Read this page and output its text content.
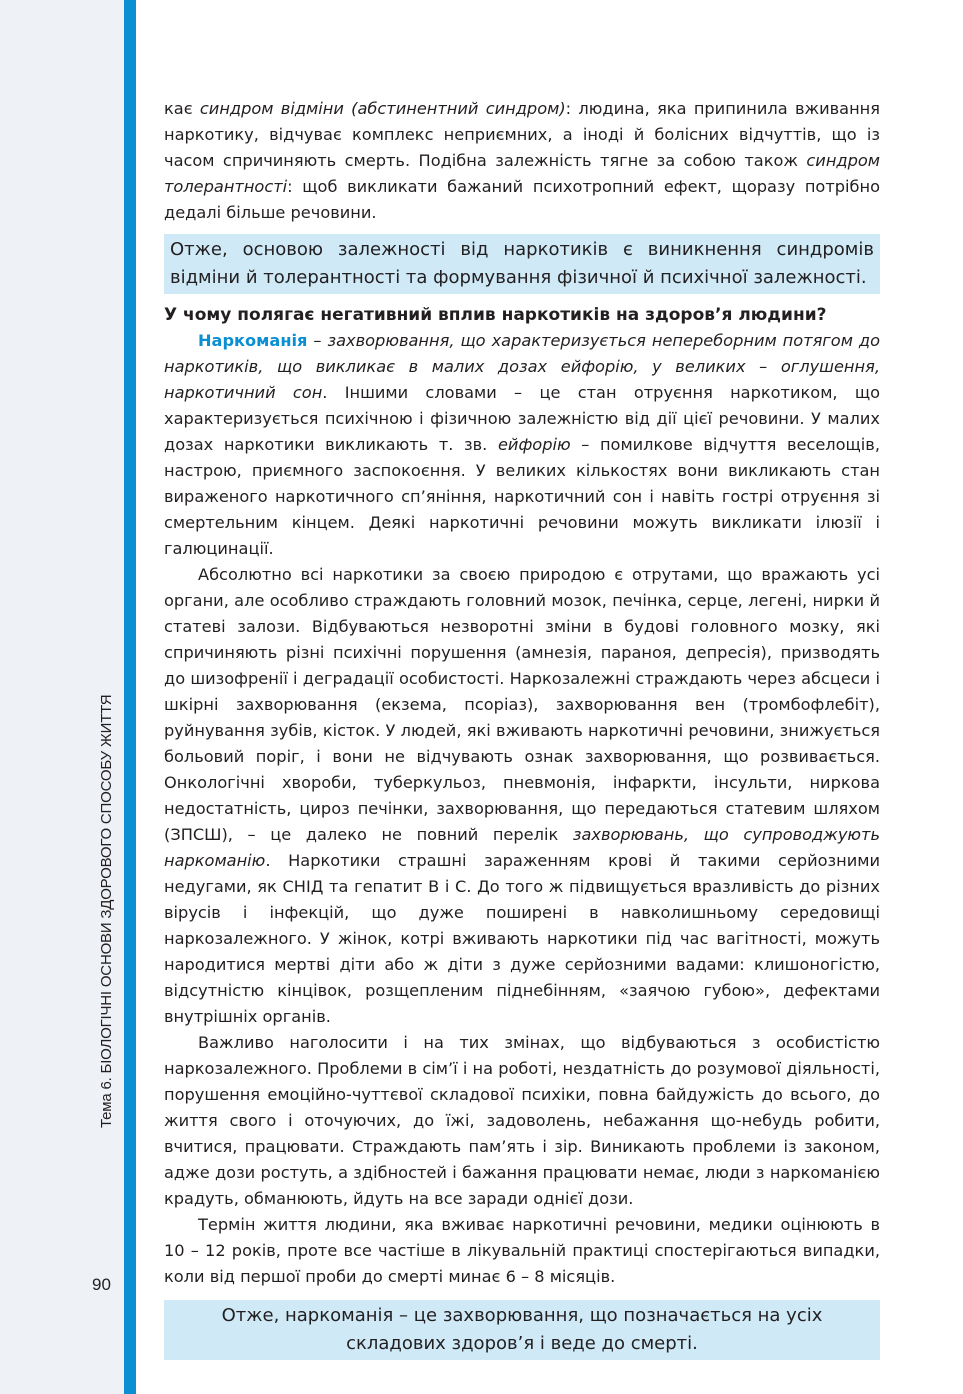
Тема 6. БІОЛОГІЧНІ ОСНОВИ ЗДОРОВОГО СПОСОБУ ЖИТТЯ
90

кає синдром відміни (абстинентний синдром): людина, яка припинила вживання наркотику, відчуває комплекс неприємних, а іноді й болісних відчуттів, що із часом спричиняють смерть. Подібна залежність тягне за собою також синдром толерантності: щоб викликати бажаний психотропний ефект, щоразу потрібно дедалі більше речовини.

Отже, основою залежності від наркотиків є виникнення синдромів відміни й толерантності та формування фізичної й психічної залежності.
У чому полягає негативний вплив наркотиків на здоров’я людини?

Наркоманія – захворювання, що характеризується непереборним потягом до наркотиків, що викликає в малих дозах ейфорію, у великих – оглушення, наркотичний сон. Іншими словами – це стан отруєння наркотиком, що характеризується психічною і фізичною залежністю від дії цієї речовини. У малих дозах наркотики викликають т. зв. ейфорію – помилкове відчуття веселощів, настрою, приємного заспокоєння. У великих кількостях вони викликають стан вираженого наркотичного сп’яніння, наркотичний сон і навіть гострі отруєння зі смертельним кінцем. Деякі наркотичні речовини можуть викликати ілюзії і галюцинації.

Абсолютно всі наркотики за своєю природою є отрутами, що вражають усі органи, але особливо страждають головний мозок, печінка, серце, легені, нирки й статеві залози. Відбуваються незворотні зміни в будові головного мозку, які спричиняють різні психічні порушення (амнезія, параноя, депресія), призводять до шизофренії і деградації особистості. Наркозалежні страждають через абсцеси і шкірні захворювання (екзема, псоріаз), захворювання вен (тромбофлебіт), руйнування зубів, кісток. У людей, які вживають наркотичні речовини, знижується больовий поріг, і вони не відчувають ознак захворювання, що розвивається. Онкологічні хвороби, туберкульоз, пневмонія, інфаркти, інсульти, ниркова недостатність, цироз печінки, захворювання, що передаються статевим шляхом (ЗПСШ), – це далеко не повний перелік захворювань, що супроводжують наркоманію. Наркотики страшні зараженням крові й такими серйозними недугами, як СНІД та гепатит В і С. До того ж підвищується вразливість до різних вірусів і інфекцій, що дуже поширені в навколишньому середовищі наркозалежного. У жінок, котрі вживають наркотики під час вагітності, можуть народитися мертві діти або ж діти з дуже серйозними вадами: клишоногістю, відсутністю кінцівок, розщепленим піднебінням, «заячою губою», дефектами внутрішніх органів.

Важливо наголосити і на тих змінах, що відбуваються з особистістю наркозалежного. Проблеми в сім’ї і на роботі, нездатність до розумової діяльності, порушення емоційно-чуттєвої складової психіки, повна байдужість до всього, до життя свого і оточуючих, до їжі, задоволень, небажання що-небудь робити, вчитися, працювати. Страждають пам’ять і зір. Виникають проблеми із законом, адже дози ростуть, а здібностей і бажання працювати немає, люди з наркоманією крадуть, обманюють, йдуть на все заради однієї дози.

Термін життя людини, яка вживає наркотичні речовини, медики оцінюють в 10 – 12 років, проте все частіше в лікувальній практиці спостерігаються випадки, коли від першої проби до смерті минає 6 – 8 місяців.

Отже, наркоманія – це захворювання, що позначається на усіх
складових здоров’я і веде до смерті.
